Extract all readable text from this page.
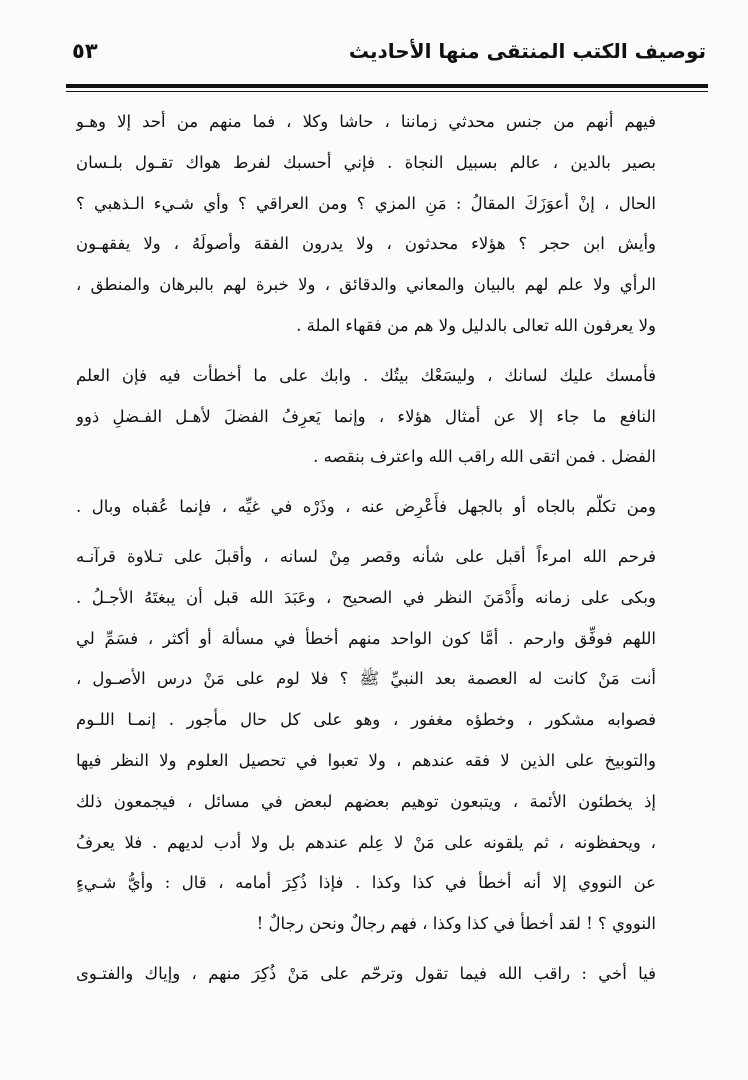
توصيف الكتب المنتقى منها الأحاديث
٥٣
فيهم أنهم من جنس محدثي زماننا ، حاشا وكلا ، فما منهم من أحد إلا وهـو
بصير بالدين ، عالم بسبيل النجاة . فإني أحسبك لفرط هواك تقـول بلـسان
الحال ، إنْ أعوَزَكَ المقالُ : مَنِ المزي ؟ ومن العراقي ؟ وأي شـيء الـذهبي ؟
وأيش ابن حجر ؟ هؤلاء محدثون ، ولا يدرون الفقهَ وأصولَهُ ، ولا يفقهـون
الرأي ولا علم لهم بالبيان والمعاني والدقائق ، ولا خبرة لهم بالبرهان والمنطق ،
ولا يعرفون الله تعالى بالدليل ولا هم من فقهاء الملة .
فأمسك عليك لسانك ، وليسَعْك بيتُك . وابك على ما أخطأت فيه فإن العلم
النافع ما جاء إلا عن أمثال هؤلاء ، وإنما يَعرِفُ الفضلَ لأهـل الفـضلِ ذوو
الفضل . فمن اتقى الله راقب الله واعترف بنقصه .
ومن تكلّم بالجاه أو بالجهل فأَعْرِض عنه ، وذَرْه في غيِّه ، فإنما عُقباه وبال .
فرحم الله امرءاً أقبل على شأنه وقصر مِنْ لسانه ، وأقبلَ على تـلاوة قرآنـه
وبكى على زمانه وأَدْمَنَ النظر في الصحيح ، وعَبَدَ الله قبل أن يبغتَهُ الأجـلُ .
اللهم فوفِّق وارحم . أمَّا كون الواحد منهم أخطأ في مسألة أو أكثر ، فسَمِّ لي
أنت مَنْ كانت له العصمة بعد النبيِّ ﷺ ؟ فلا لوم على مَنْ درس الأصـول ،
فصوابه مشكور ، وخطؤه مغفور ، وهو على كل حال مأجور . إنمـا اللـوم
والتوبيخ على الذين لا فقه عندهم ، ولا تعبوا في تحصيل العلوم ولا النظر فيها
إذ يخطئون الأئمة ، ويتبعون توهيم بعضهم لبعض في مسائل ، فيجمعون ذلك
، ويحفظونه ، ثم يلقونه على مَنْ لا عِلم عندهم بل ولا أدب لديهم . فلا يعرفُ
عن النووي إلا أنه أخطأ في كذا وكذا . فإذا ذُكِرَ أمامه ، قال : وأيُّ شـيءٍ
النووي ؟ ! لقد أخطأ في كذا وكذا ، فهم رجالٌ ونحن رجالٌ !
فيا أخي : راقب الله فيما تقول وترحّم على مَنْ ذُكِرَ منهم ، وإياك والفتـوى
